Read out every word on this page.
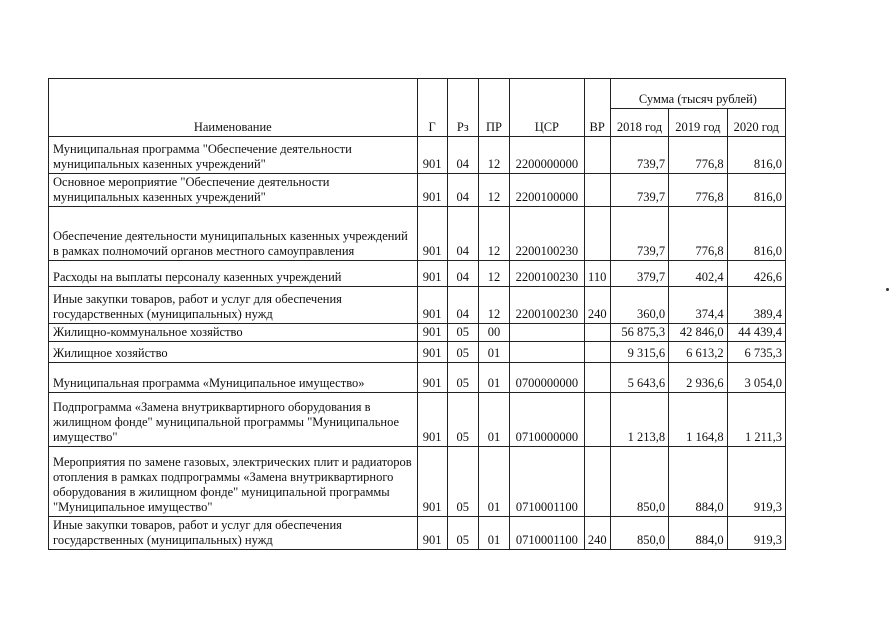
Наименование	Г	Рз	ПР	ЦСР	ВР	Сумма (тысяч рублей)		
						2018 год	2019 год	2020 год
Муниципальная программа "Обеспечение деятельности муниципальных казенных учреждений"	901	04	12	2200000000		739,7	776,8	816,0
Основное мероприятие "Обеспечение деятельности муниципальных казенных учреждений"	901	04	12	2200100000		739,7	776,8	816,0
Обеспечение деятельности муниципальных казенных учреждений в рамках полномочий органов местного самоуправления	901	04	12	2200100230		739,7	776,8	816,0
Расходы на выплаты персоналу казенных учреждений	901	04	12	2200100230	110	379,7	402,4	426,6
Иные закупки товаров, работ и услуг для обеспечения государственных (муниципальных) нужд	901	04	12	2200100230	240	360,0	374,4	389,4
Жилищно-коммунальное хозяйство	901	05	00			56 875,3	42 846,0	44 439,4
Жилищное хозяйство	901	05	01			9 315,6	6 613,2	6 735,3
Муниципальная программа «Муниципальное имущество»	901	05	01	0700000000		5 643,6	2 936,6	3 054,0
Подпрограмма «Замена внутриквартирного оборудования в жилищном фонде" муниципальной программы "Муниципальное имущество"	901	05	01	0710000000		1 213,8	1 164,8	1 211,3
Мероприятия по замене газовых, электрических плит и радиаторов отопления в рамках подпрограммы «Замена внутриквартирного оборудования в жилищном фонде" муниципальной программы "Муниципальное имущество"	901	05	01	0710001100		850,0	884,0	919,3
Иные закупки товаров, работ и услуг для обеспечения государственных (муниципальных) нужд	901	05	01	0710001100	240	850,0	884,0	919,3
